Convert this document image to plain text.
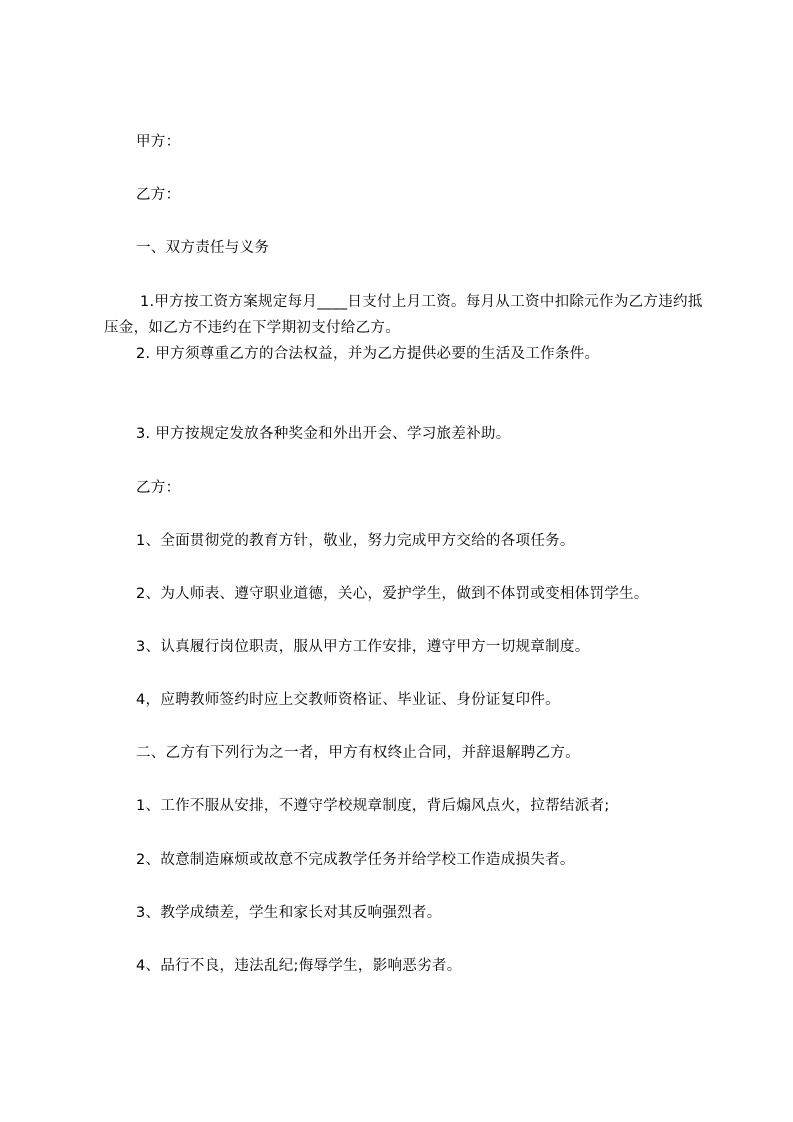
甲方：
乙方：
一、双方责任与义务
1.甲方按工资方案规定每月____日支付上月工资。每月从工资中扣除元作为乙方违约抵压金，如乙方不违约在下学期初支付给乙方。
2. 甲方须尊重乙方的合法权益，并为乙方提供必要的生活及工作条件。
3. 甲方按规定发放各种奖金和外出开会、学习旅差补助。
乙方：
1、全面贯彻党的教育方针，敬业，努力完成甲方交给的各项任务。
2、为人师表、遵守职业道德，关心，爱护学生，做到不体罚或变相体罚学生。
3、认真履行岗位职责，服从甲方工作安排，遵守甲方一切规章制度。
4，应聘教师签约时应上交教师资格证、毕业证、身份证复印件。
二、乙方有下列行为之一者，甲方有权终止合同，并辞退解聘乙方。
1、工作不服从安排，不遵守学校规章制度，背后煽风点火，拉帮结派者;
2、故意制造麻烦或故意不完成教学任务并给学校工作造成损失者。
3、教学成绩差，学生和家长对其反响强烈者。
4、品行不良，违法乱纪;侮辱学生，影响恶劣者。
